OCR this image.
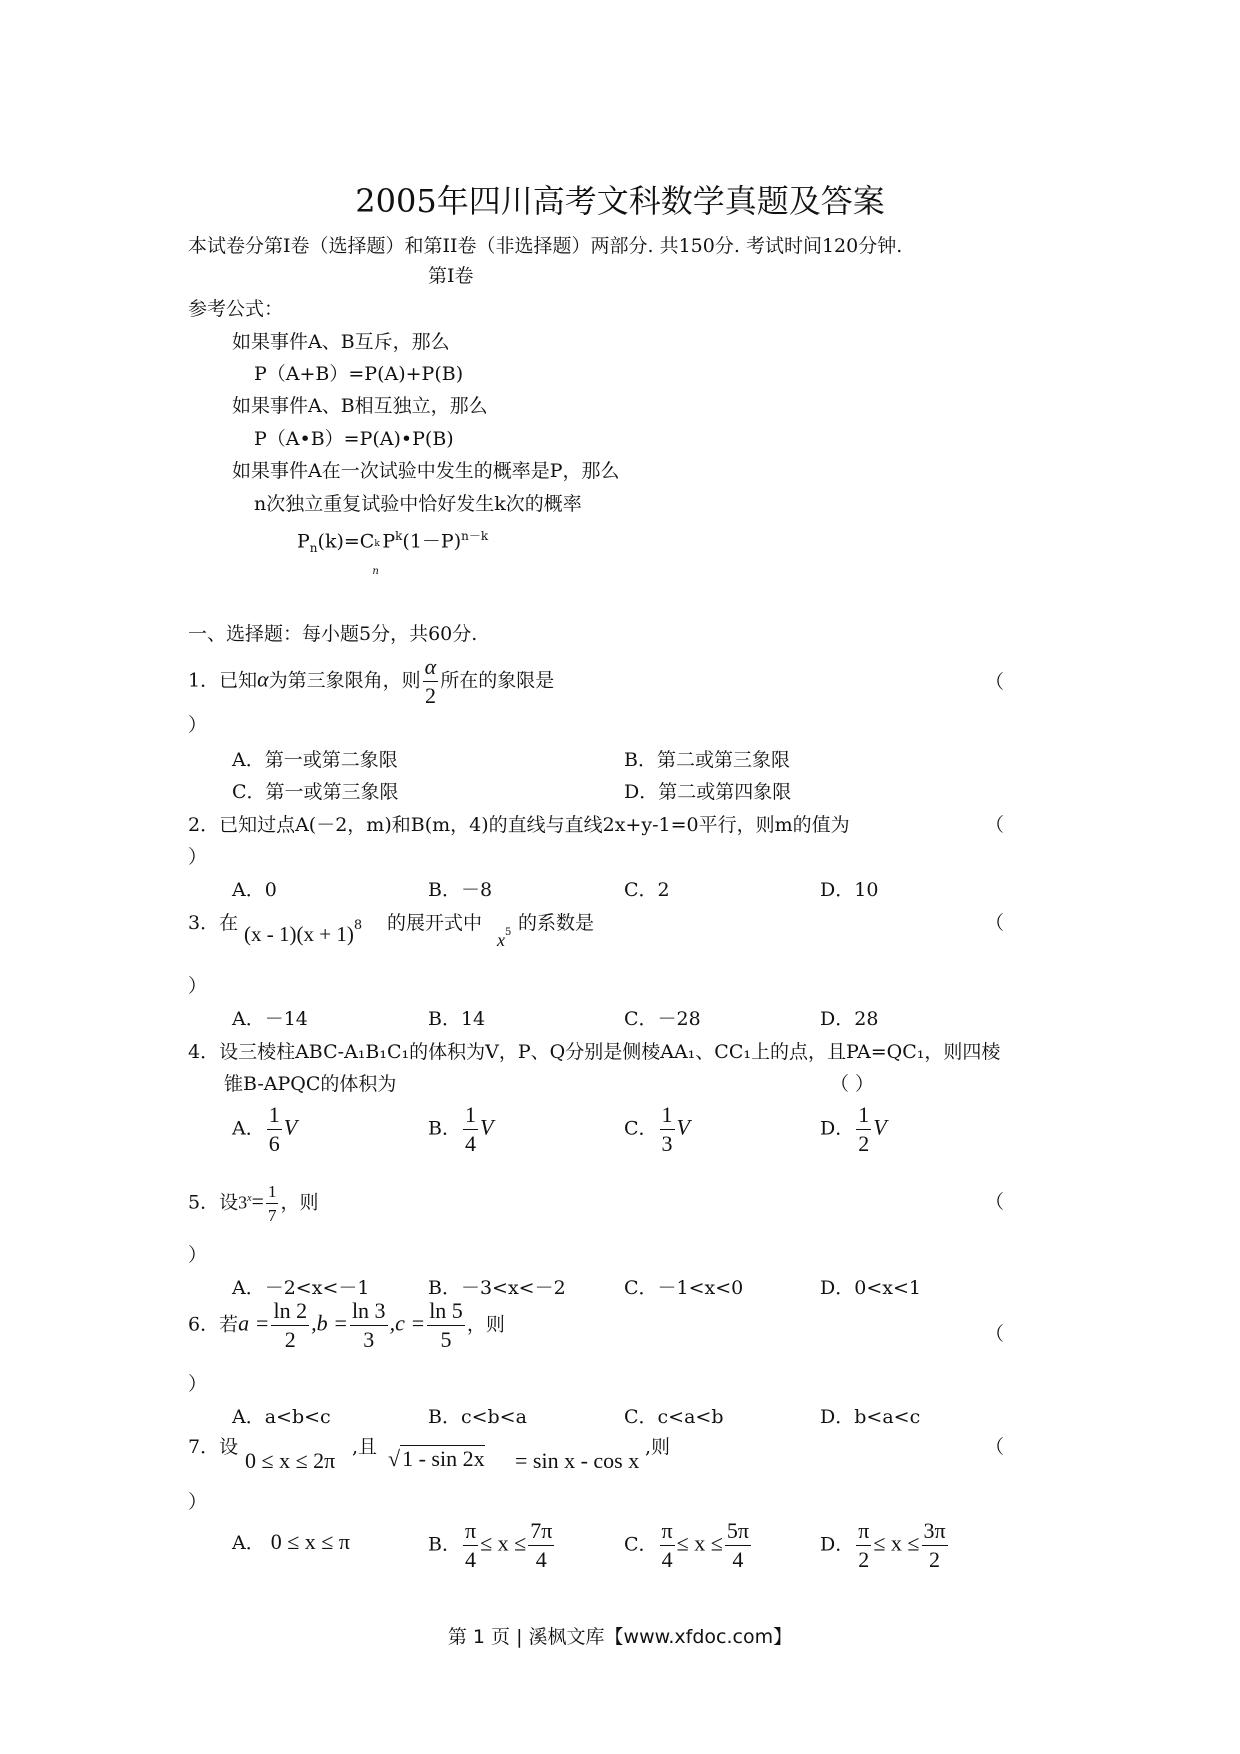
2005年四川高考文科数学真题及答案
本试卷分第I卷（选择题）和第II卷（非选择题）两部分. 共150分. 考试时间120分钟.
第I卷
参考公式：
如果事件A、B互斥，那么
P（A+B）=P(A)+P(B)
如果事件A、B相互独立，那么
P（A•B）=P(A)•P(B)
如果事件A在一次试验中发生的概率是P，那么
n次独立重复试验中恰好发生k次的概率
$P_n(k)=C$ k
n
$P^k(1-P)^{n-k}$
一、选择题：每小题5分，共60分.
1．已知α为第三象限角，则 $\frac{\alpha}{2}$ 所在的象限是	（
）
A．第一或第二象限	B．第二或第三象限
C．第一或第三象限	D．第二或第四象限
2．已知过点A(－2，m)和B(m，4)的直线与直线2x+y-1=0平行，则m的值为	（
）
A．0	B．－8	C．2	D．10
3．在 $(x - 1)(x + 1)^8$ 的展开式中
$x^5$ 的系数是	（
）
A．－14	B．14	C．－28	D．28
4．设三棱柱ABC-A₁B₁C₁的体积为V，P、Q分别是侧棱AA₁、CC₁上的点，且PA=QC₁，则四棱
锥B-APQC的体积为	（ ）
A． $\frac{1}{6}$ V	B． $\frac{1}{4}$ V	C． $\frac{1}{3}$ V	D． $\frac{1}{2}$ V
5．设$3^x= \frac{1}{7}$ ，则	（
）
A．－2<x<－1	B．－3<x<－2	C．－1<x<0	D．0<x<1
6．若$a = \frac{\ln 2}{2} ,b = \frac{\ln 3}{3} ,c = \frac{\ln 5}{5}$ ，则	（
）
A．a<b<c	B．c<b<a	C．c<a<b	D．b<a<c
7．设
0 ≤ x ≤ 2π
,且 √1 - sin 2x = sin x - cos x
,则	（
）
A． 0 ≤ x ≤ π	B． $\frac{\pi}{4} \le x \le \frac{7\pi}{4}$	C． $\frac{\pi}{4} \le x \le \frac{5\pi}{4}$	D． $\frac{\pi}{2} \le x \le \frac{3\pi}{2}$
第 1 页 | 溪枫文库【www.xfdoc.com】
